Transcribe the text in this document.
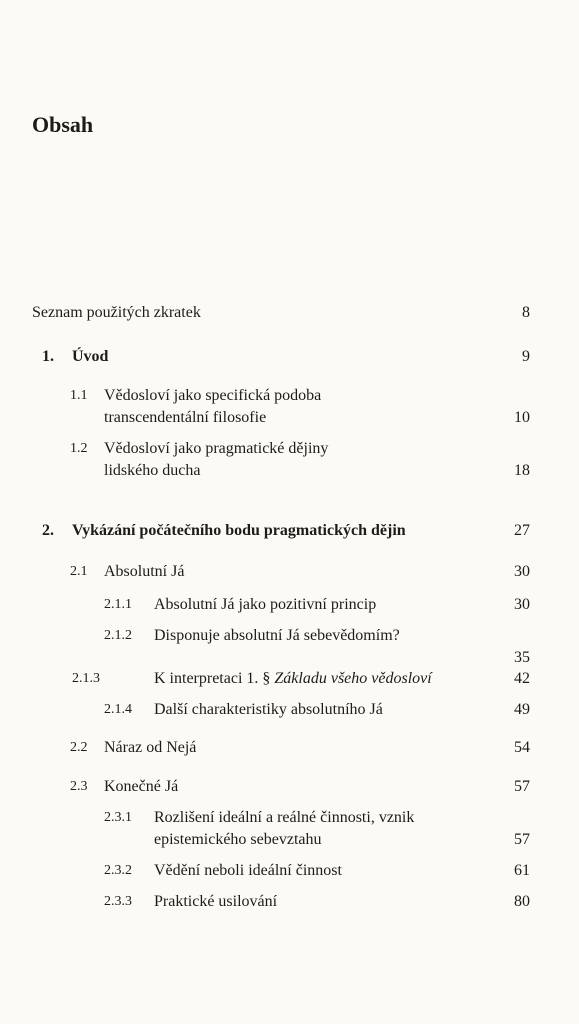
Obsah
Seznam použitých zkratek	8
1. Úvod	9
1.1 Vědosloví jako specifická podoba
transcendentální filosofie	10
1.2 Vědosloví jako pragmatické dějiny
lidského ducha	18
2. Vykázání počátečního bodu pragmatických dějin	27
2.1 Absolutní Já	30
2.1.1 Absolutní Já jako pozitivní princip	30
2.1.2 Disponuje absolutní Já sebevědomím?
35
2.1.3	K interpretaci 1. § Základu všeho vědosloví	42
2.1.4 Další charakteristiky absolutního Já	49
2.2 Náraz od Nejá	54
2.3 Konečné Já	57
2.3.1 Rozlišení ideální a reálné činnosti, vznik
epistemického sebevztahu	57
2.3.2 Vědění neboli ideální činnost	61
2.3.3 Praktické usilování	80
